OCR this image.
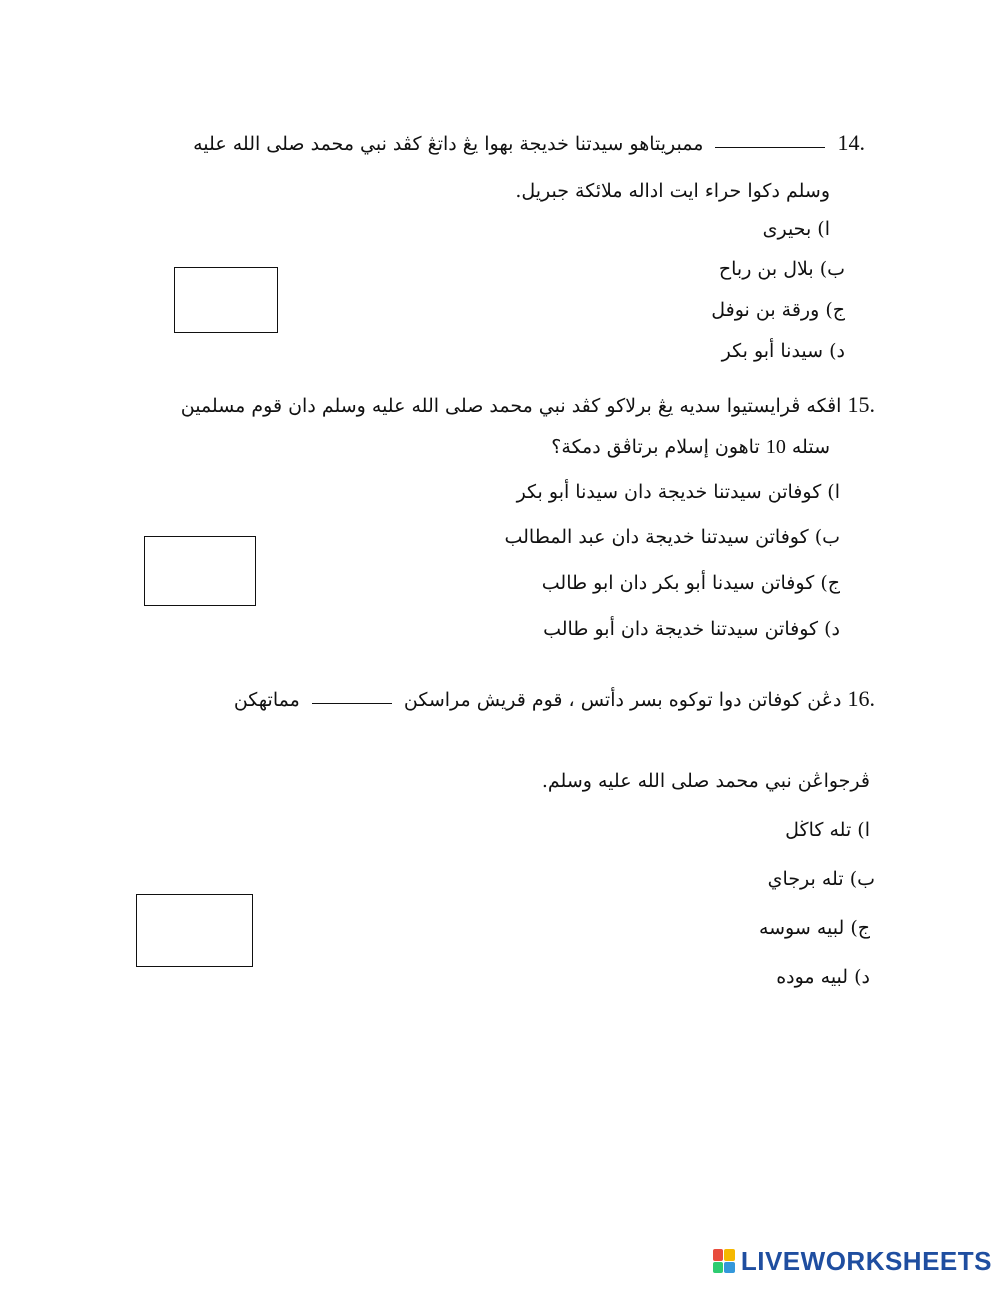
14.  ممبريتاهو سيدتنا خديجة بهوا يڠ داتڠ كڤد نبي محمد صلى الله عليه
وسلم دكوا حراء ايت اداله ملائكة جبريل.
ا) بحيرى
ب) بلال بن رباح
ج) ورقة بن نوفل
د) سيدنا أبو بكر
15. اڤكه ڤرايستيوا سديه يڠ برلاكو كڤد نبي محمد صلى الله عليه وسلم دان قوم مسلمين
ستله 10 تاهون إسلام برتاڤق دمكة؟
ا) كوفاتن سيدتنا خديجة دان سيدنا أبو بكر
ب) كوفاتن سيدتنا خديجة دان عبد المطالب
ج) كوفاتن سيدنا أبو بكر دان ابو طالب
د) كوفاتن سيدتنا خديجة دان أبو طالب
16. دڠن كوفاتن دوا توكوه بسر دأتس ، قوم قريش مراسكن  مماتهكن
ڤرجواڠن نبي محمد صلى الله عليه وسلم.
ا) تله كاڬل
ب) تله برجاي
ج) لبيه سوسه
د) لبيه موده
LIVEWORKSHEETS
